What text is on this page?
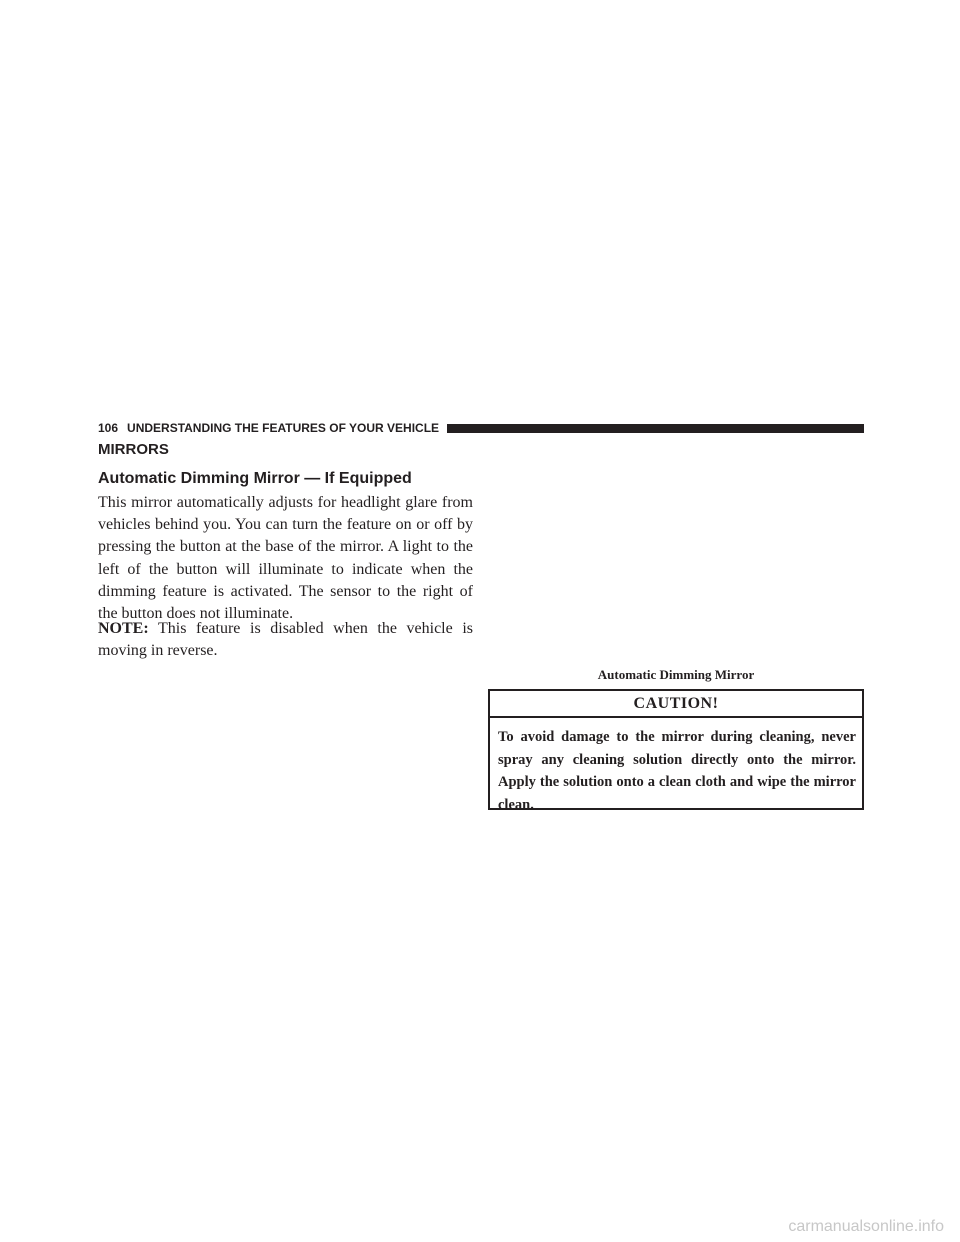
106 UNDERSTANDING THE FEATURES OF YOUR VEHICLE
MIRRORS
Automatic Dimming Mirror — If Equipped

This mirror automatically adjusts for headlight glare from vehicles behind you. You can turn the feature on or off by pressing the button at the base of the mirror. A light to the left of the button will illuminate to indicate when the dimming feature is activated. The sensor to the right of the button does not illuminate.

NOTE: This feature is disabled when the vehicle is moving in reverse.

Automatic Dimming Mirror
CAUTION!

To avoid damage to the mirror during cleaning, never spray any cleaning solution directly onto the mirror. Apply the solution onto a clean cloth and wipe the mirror clean.

carmanualsonline.info
